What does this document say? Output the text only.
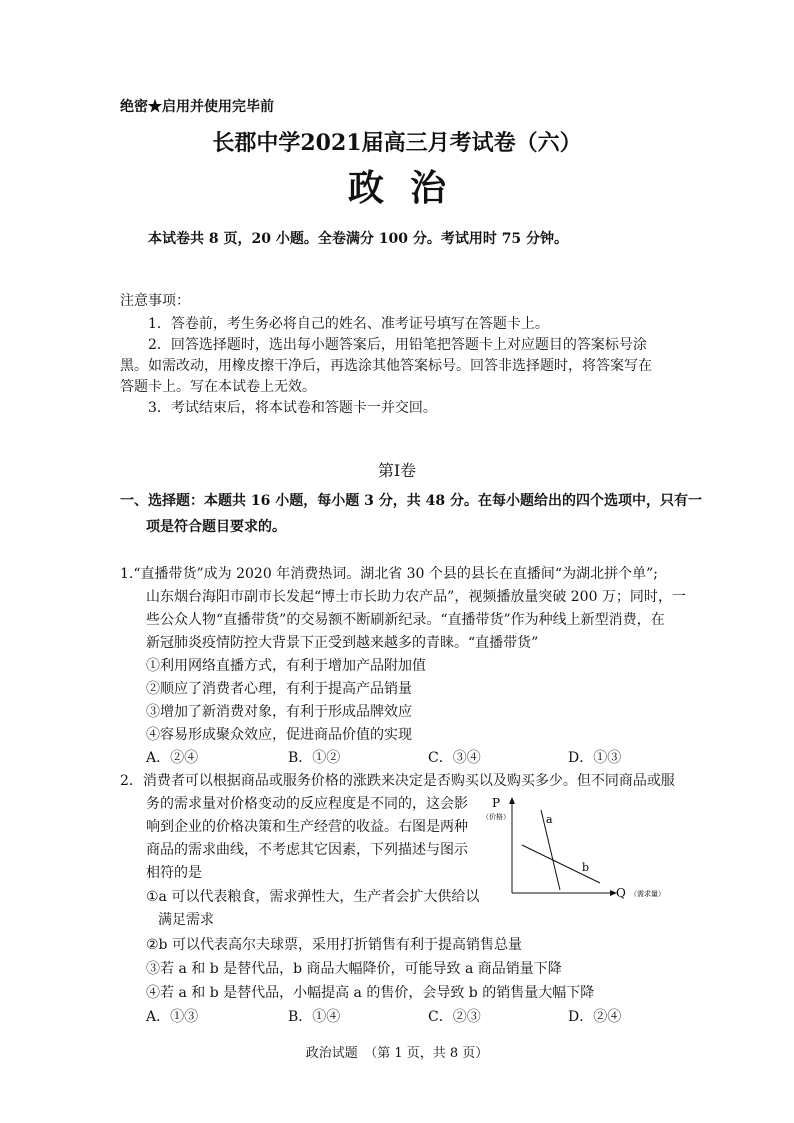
绝密★启用并使用完毕前
长郡中学2021届高三月考试卷（六）
政治
本试卷共 8 页，20 小题。全卷满分 100 分。考试用时 75 分钟。
注意事项：
1．答卷前，考生务必将自己的姓名、准考证号填写在答题卡上。
2．回答选择题时，选出每小题答案后，用铅笔把答题卡上对应题目的答案标号涂
黑。如需改动，用橡皮擦干净后，再选涂其他答案标号。回答非选择题时，将答案写在
答题卡上。写在本试卷上无效。
3．考试结束后，将本试卷和答题卡一并交回。
第Ⅰ卷
一、选择题：本题共 16 小题，每小题 3 分，共 48 分。在每小题给出的四个选项中，只有一
项是符合题目要求的。
1.“直播带货”成为 2020 年消费热词。湖北省 30 个县的县长在直播间“为湖北拼个单”;
山东烟台海阳市副市长发起“博士市长助力农产品”，视频播放量突破 200 万；同时，一
些公众人物“直播带货”的交易额不断刷新纪录。“直播带货”作为种线上新型消费，在
新冠肺炎疫情防控大背景下正受到越来越多的青睐。“直播带货”
①利用网络直播方式，有利于增加产品附加值
②顺应了消费者心理，有利于提高产品销量
③增加了新消费对象，有利于形成品牌效应
④容易形成聚众效应，促进商品价值的实现
A．②④	B．①②	C．③④	D．①③
2．消费者可以根据商品或服务价格的涨跌来决定是否购买以及购买多少。但不同商品或服
务的需求量对价格变动的反应程度是不同的，这会影
响到企业的价格决策和生产经营的收益。右图是两种
商品的需求曲线，不考虑其它因素，下列描述与图示
相符的是
①a 可以代表粮食，需求弹性大，生产者会扩大供给以
满足需求
②b 可以代表高尔夫球票，采用打折销售有利于提高销售总量
③若 a 和 b 是替代品，b 商品大幅降价，可能导致 a 商品销量下降
④若 a 和 b 是替代品，小幅提高 a 的售价，会导致 b 的销售量大幅下降
A．①③	B．①④	C．②③	D．②④
P
（价格）
Q （需求量）
a
b
政治试题　（第 1 页，共 8 页）
